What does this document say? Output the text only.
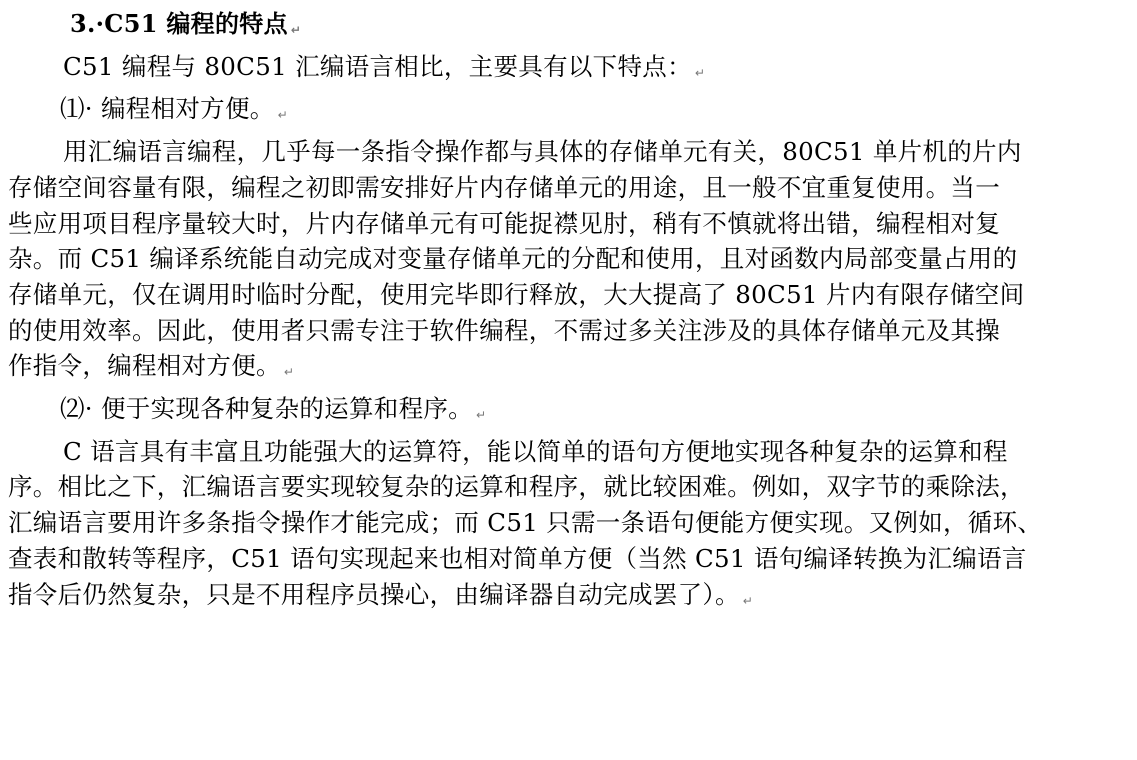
3.·C51 编程的特点 ↵
C51 编程与 80C51 汇编语言相比，主要具有以下特点： ↵
⑴· 编程相对方便。 ↵
用汇编语言编程，几乎每一条指令操作都与具体的存储单元有关，80C51 单片机的片内
存储空间容量有限，编程之初即需安排好片内存储单元的用途，且一般不宜重复使用。当一
些应用项目程序量较大时，片内存储单元有可能捉襟见肘，稍有不慎就将出错，编程相对复
杂。而 C51 编译系统能自动完成对变量存储单元的分配和使用，且对函数内局部变量占用的
存储单元，仅在调用时临时分配，使用完毕即行释放，大大提高了 80C51 片内有限存储空间
的使用效率。因此，使用者只需专注于软件编程，不需过多关注涉及的具体存储单元及其操
作指令，编程相对方便。 ↵
⑵· 便于实现各种复杂的运算和程序。 ↵
C 语言具有丰富且功能强大的运算符，能以简单的语句方便地实现各种复杂的运算和程
序。相比之下，汇编语言要实现较复杂的运算和程序，就比较困难。例如，双字节的乘除法，
汇编语言要用许多条指令操作才能完成；而 C51 只需一条语句便能方便实现。又例如，循环、
查表和散转等程序，C51 语句实现起来也相对简单方便（当然 C51 语句编译转换为汇编语言
指令后仍然复杂，只是不用程序员操心，由编译器自动完成罢了）。 ↵
